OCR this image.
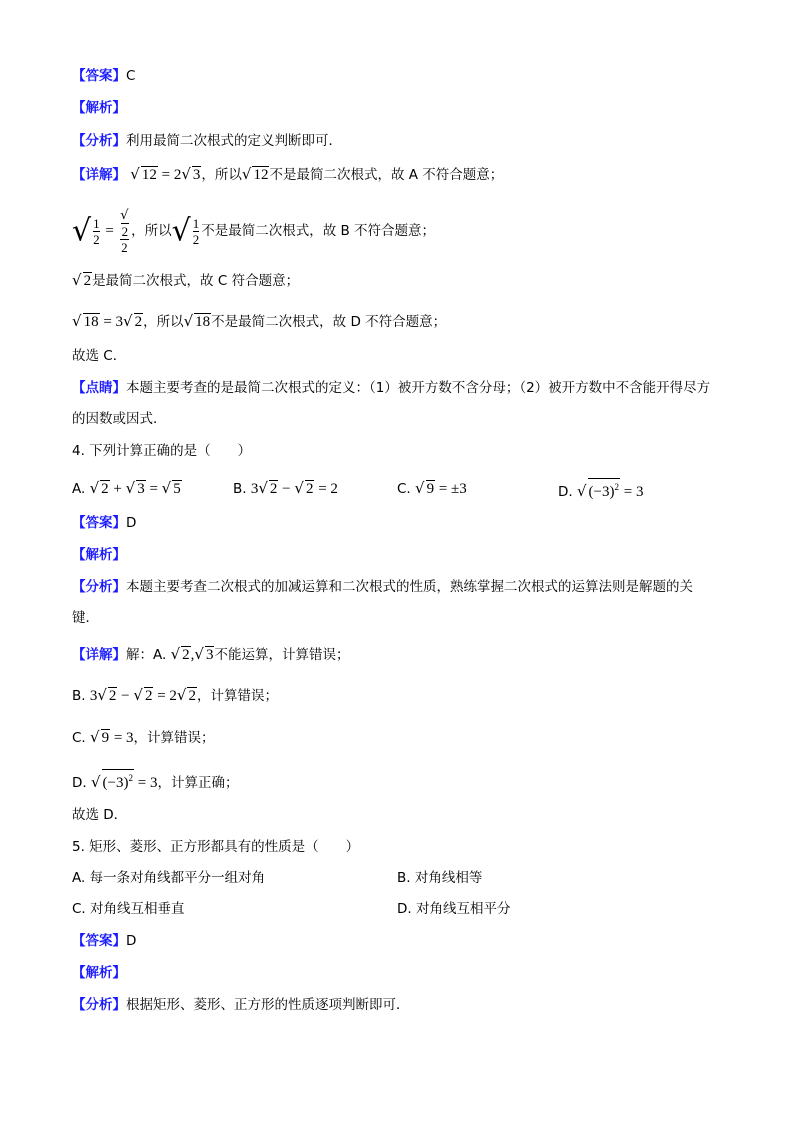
【答案】C
【解析】
【分析】利用最简二次根式的定义判断即可．
【详解】 √ 12 = 2√ 3，所以√ 12不是最简二次根式，故 A 不符合题意；
√ $\frac{1}{2}$ = √
2
2 ，所以√ $\frac{1}{2}$ 不是最简二次根式，故 B 不符合题意；
√ 2是最简二次根式，故 C 符合题意；
√ 18 = 3√ 2，所以√ 18不是最简二次根式，故 D 不符合题意；
故选 C．
【点睛】本题主要考查的是最简二次根式的定义：（1）被开方数不含分母；（2）被开方数中不含能开得尽方
的因数或因式．
4. 下列计算正确的是（　　）
A. √ 2 + √ 3 = √ 5	B. 3√ 2 − √ 2 = 2	C. √ 9 = ±3	D. √ $(-3)^2 = 3$
【答案】D
【解析】
【分析】本题主要考查二次根式的加减运算和二次根式的性质，熟练掌握二次根式的运算法则是解题的关
键．
【详解】解：A. √ 2,√ 3不能运算，计算错误；
B. 3√ 2 − √ 2 = 2√ 2，计算错误；
C. √ 9 = 3，计算错误；
D. √ $(-3)^2 = 3$，计算正确；
故选 D．
5. 矩形、菱形、正方形都具有的性质是（　　）
A. 每一条对角线都平分一组对角	B. 对角线相等
C. 对角线互相垂直	D. 对角线互相平分
【答案】D
【解析】
【分析】根据矩形、菱形、正方形的性质逐项判断即可．
